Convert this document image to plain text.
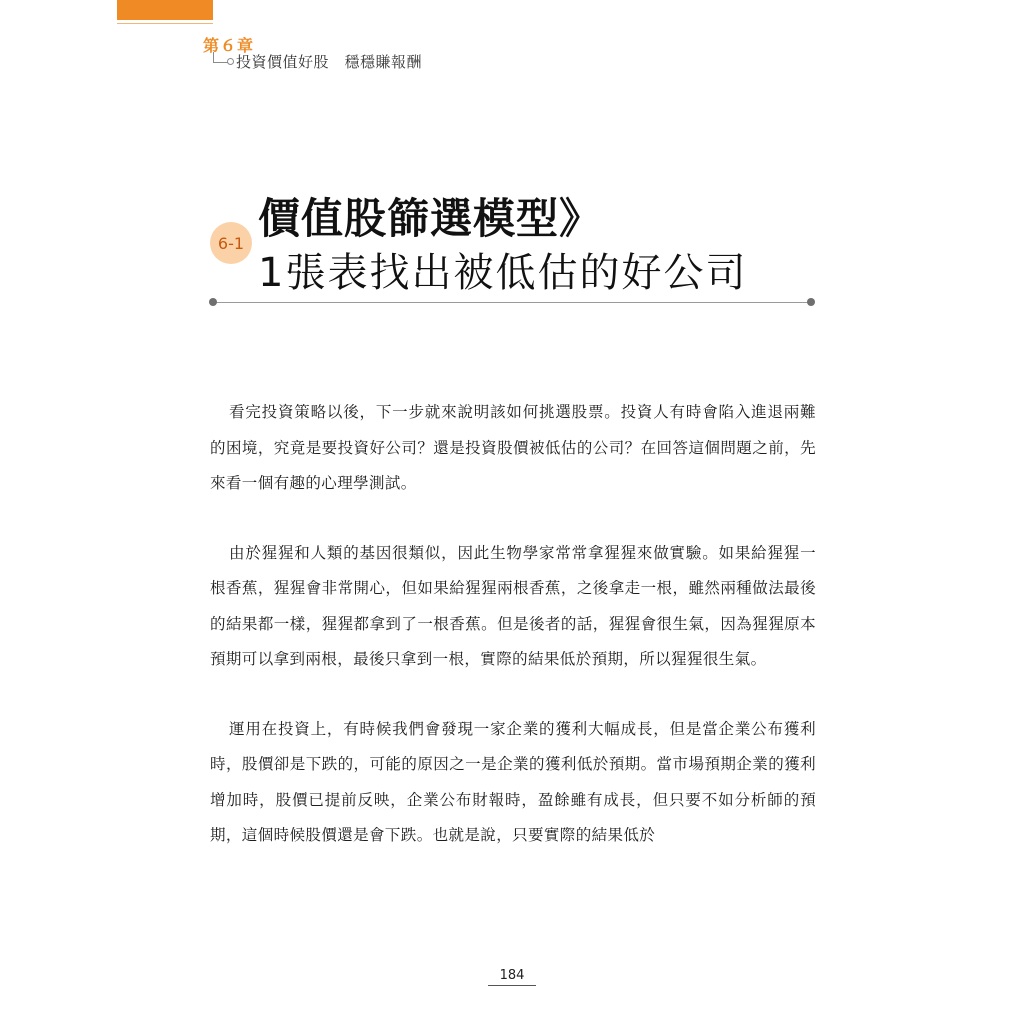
第６章
投資價值好股　穩穩賺報酬
6-1 價值股篩選模型》
1張表找出被低估的好公司

看完投資策略以後，下一步就來說明該如何挑選股票。投資人有時會陷入進退兩難的困境，究竟是要投資好公司？還是投資股價被低估的公司？在回答這個問題之前，先來看一個有趣的心理學測試。

由於猩猩和人類的基因很類似，因此生物學家常常拿猩猩來做實驗。如果給猩猩一根香蕉，猩猩會非常開心，但如果給猩猩兩根香蕉，之後拿走一根，雖然兩種做法最後的結果都一樣，猩猩都拿到了一根香蕉。但是後者的話，猩猩會很生氣，因為猩猩原本預期可以拿到兩根，最後只拿到一根，實際的結果低於預期，所以猩猩很生氣。

運用在投資上，有時候我們會發現一家企業的獲利大幅成長，但是當企業公布獲利時，股價卻是下跌的，可能的原因之一是企業的獲利低於預期。當市場預期企業的獲利增加時，股價已提前反映，企業公布財報時，盈餘雖有成長，但只要不如分析師的預期，這個時候股價還是會下跌。也就是說，只要實際的結果低於

184
